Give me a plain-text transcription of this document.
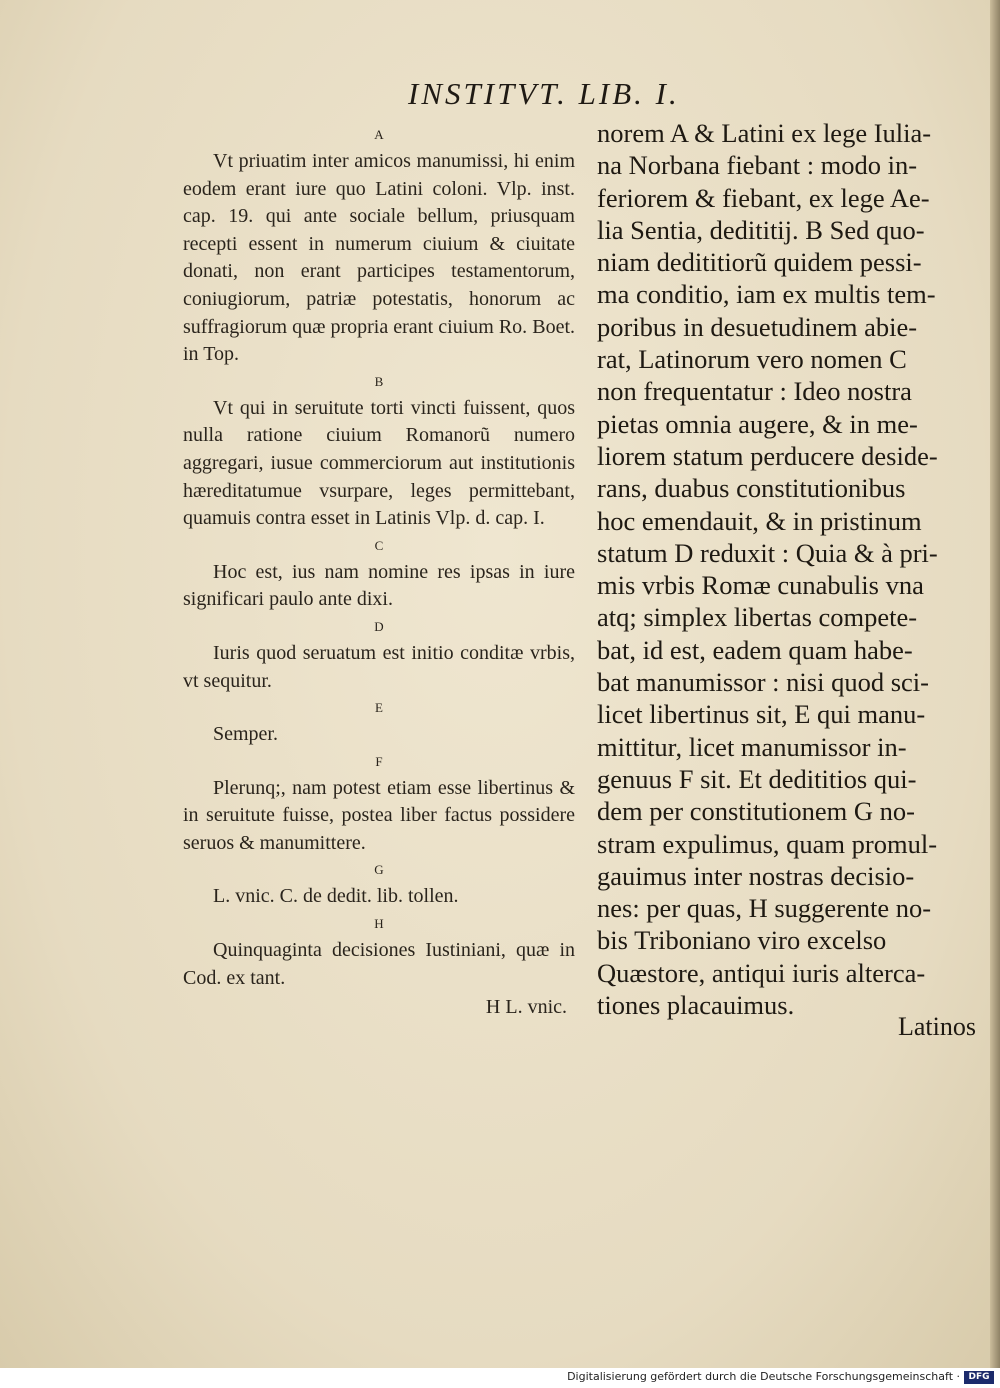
INSTITVT. LIB. I.
A
Vt priuatim inter amicos manumissi, hi enim eodem erant iure quo Latini coloni. Vlp. inst. cap. 19. qui ante sociale bellum, priusquam recepti essent in numerum ciuium & ciuitate donati, non erant participes testamentorum, coniugiorum, patriæ potestatis, honorum ac suffragiorum quæ propria erant ciuium Ro. Boet. in Top.
B
Vt qui in seruitute torti vincti fuissent, quos nulla ratione ciuium Romanorũ numero aggregari, iusue commerciorum aut institutionis hæreditatumue vsurpare, leges permittebant, quamuis contra esset in Latinis Vlp. d. cap. I.
C
Hoc est, ius nam nomine res ipsas in iure significari paulo ante dixi.
D
Iuris quod seruatum est initio conditæ vrbis, vt sequitur.
E
Semper.
F
Plerunq;, nam potest etiam esse libertinus & in seruitute fuisse, postea liber factus possidere seruos & manumittere.
G
L. vnic. C. de dedit. lib. tollen.
H
Quinquaginta decisiones Iustiniani, quæ in Cod. ex tant.
H L. vnic.
norem A & Latini ex lege Iulia-
na Norbana fiebant : modo in-
feriorem & fiebant, ex lege Ae-
lia Sentia, dedititij. B Sed quo-
niam dedititiorũ quidem pessi-
ma conditio, iam ex multis tem-
poribus in desuetudinem abie-
rat, Latinorum vero nomen C
non frequentatur : Ideo nostra
pietas omnia augere, & in me-
liorem statum perducere deside-
rans, duabus constitutionibus
hoc emendauit, & in pristinum
statum D reduxit : Quia & à pri-
mis vrbis Romæ cunabulis vna
atq; simplex libertas compete-
bat, id est, eadem quam habe-
bat manumissor : nisi quod sci-
licet libertinus sit, E qui manu-
mittitur, licet manumissor in-
genuus F sit. Et dedititios qui-
dem per constitutionem G no-
stram expulimus, quam promul-
gauimus inter nostras decisio-
nes: per quas, H suggerente no-
bis Triboniano viro excelso
Quæstore, antiqui iuris alterca-
tiones placauimus.
Latinos
Digitalisierung gefördert durch die Deutsche Forschungsgemeinschaft · DFG
